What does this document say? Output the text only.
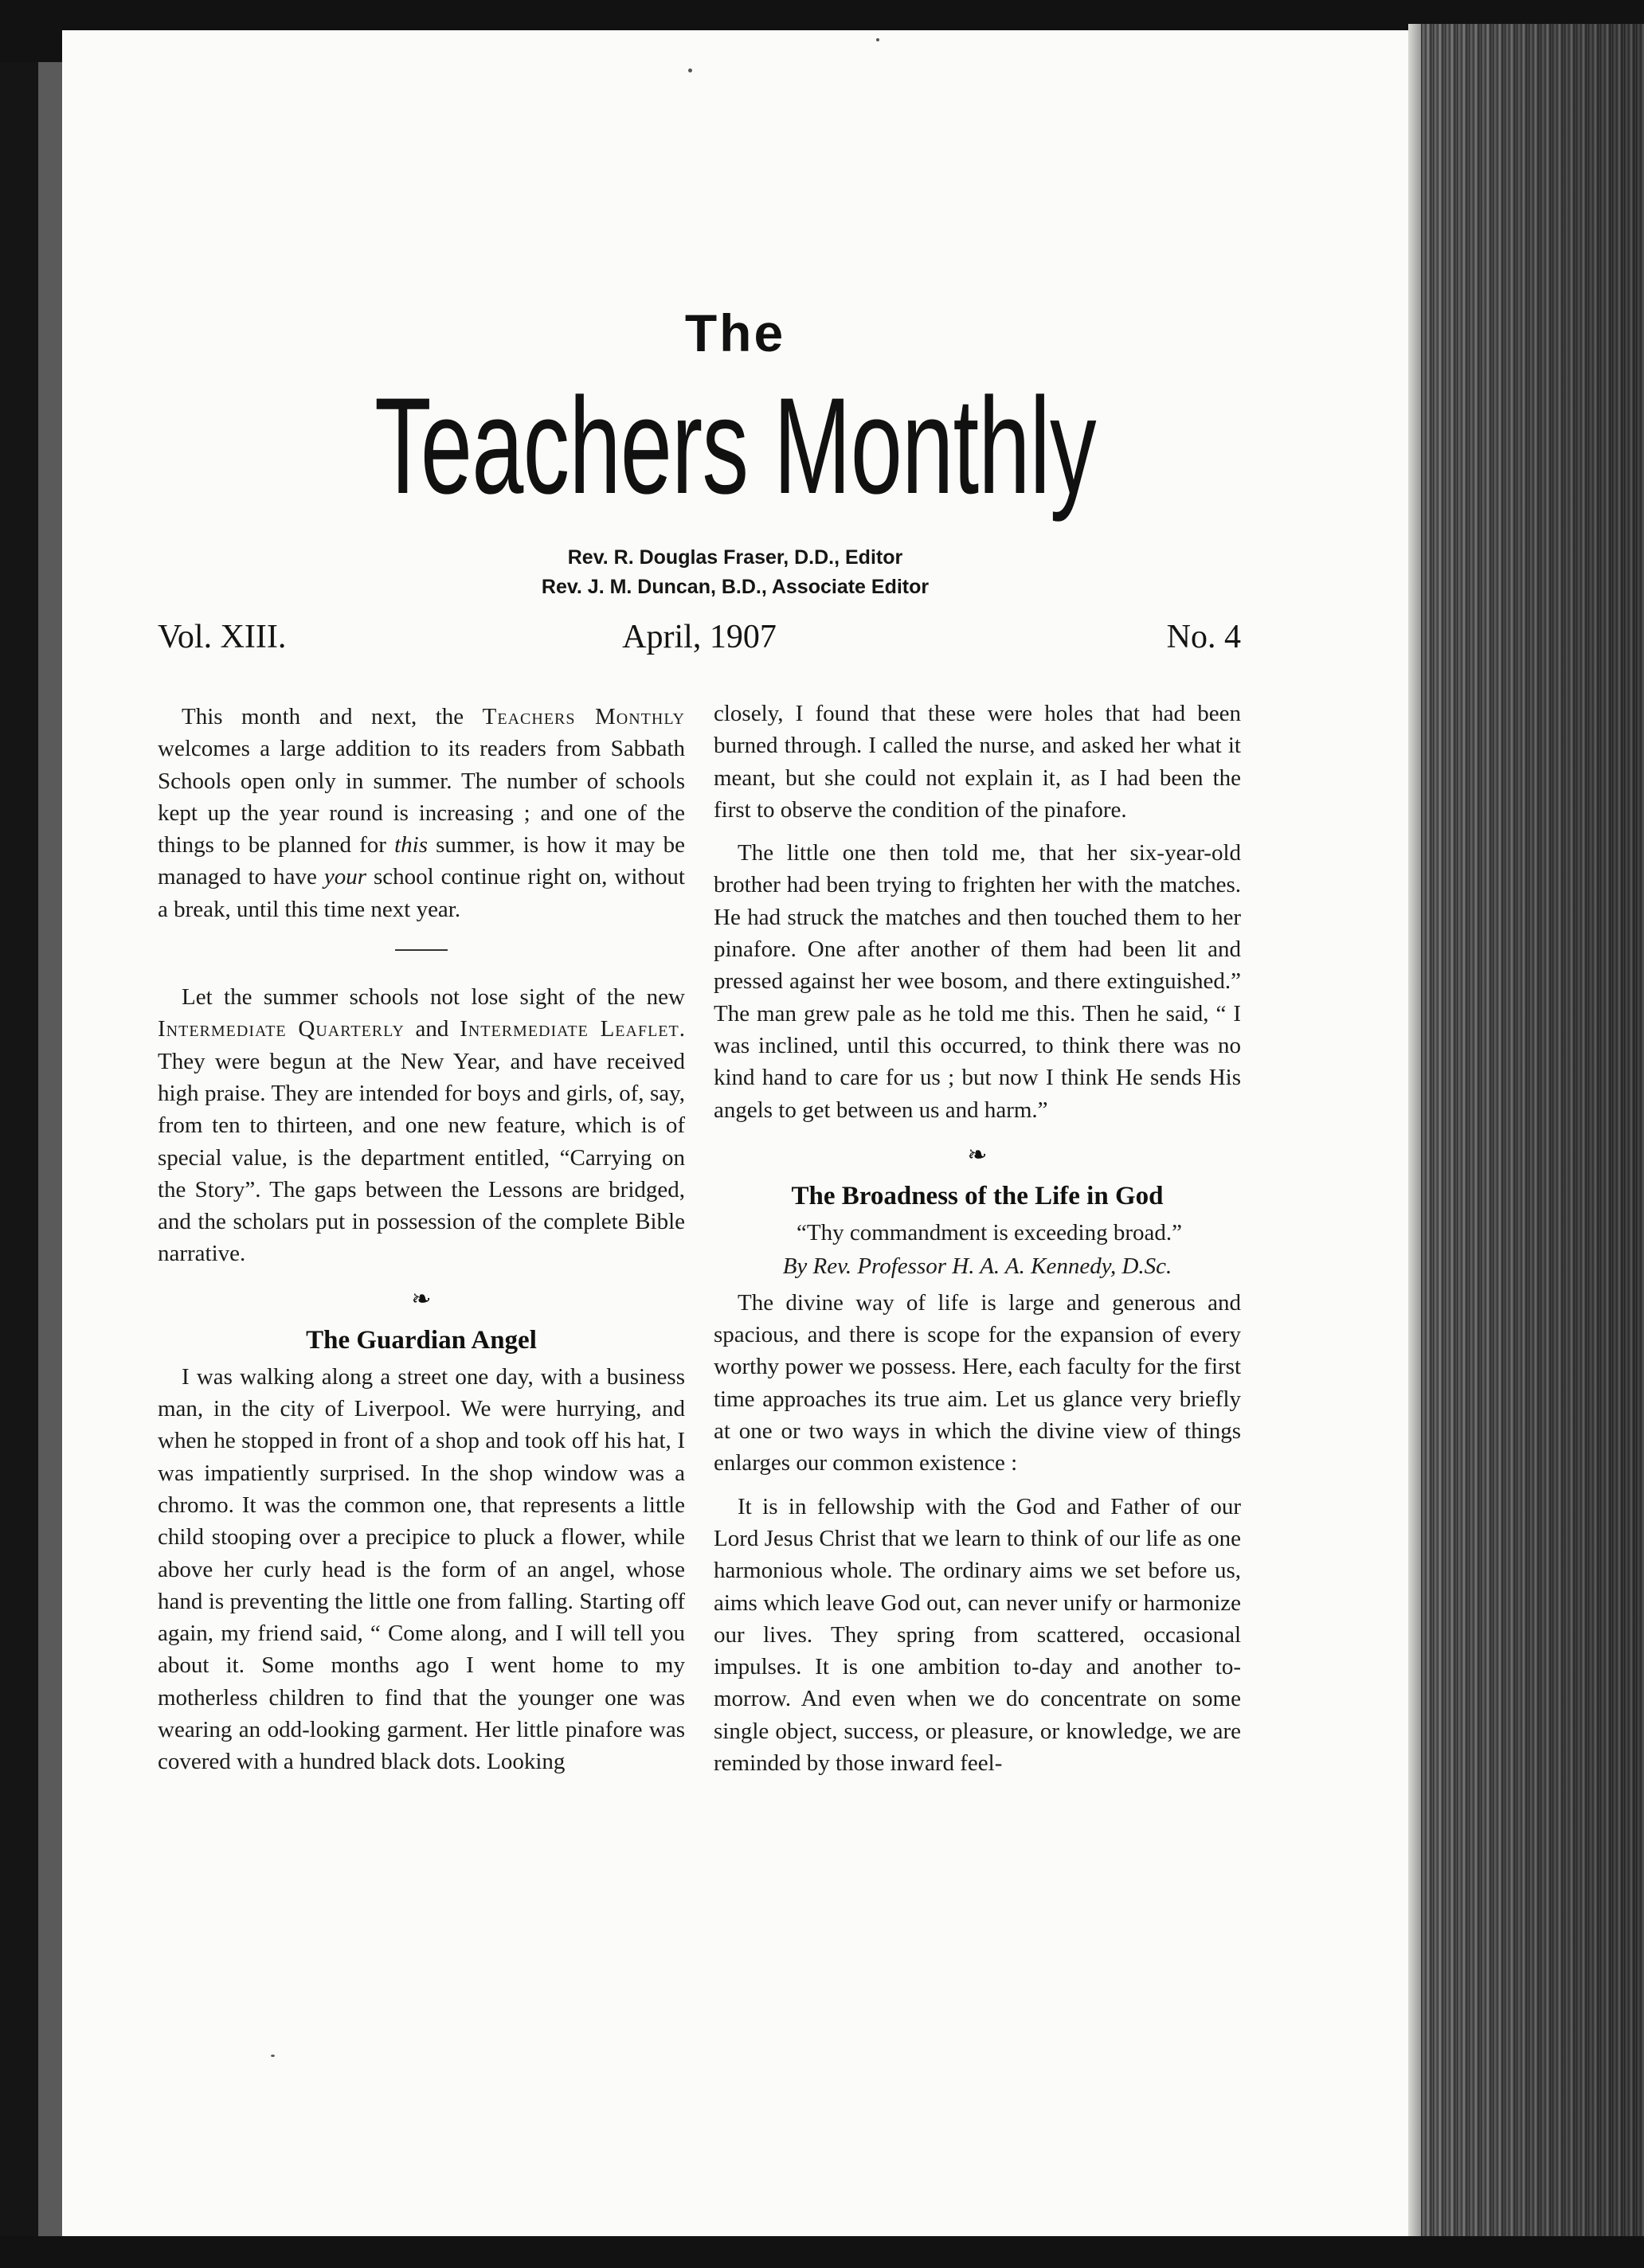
The
Teachers Monthly
Rev. R. Douglas Fraser, D.D., Editor
Rev. J. M. Duncan, B.D., Associate Editor
Vol. XIII.	April, 1907	No. 4

This month and next, the Teachers Monthly welcomes a large addition to its readers from Sabbath Schools open only in summer. The number of schools kept up the year round is increasing ; and one of the things to be planned for this summer, is how it may be managed to have your school continue right on, without a break, until this time next year.

Let the summer schools not lose sight of the new Intermediate Quarterly and Intermediate Leaflet. They were begun at the New Year, and have received high praise. They are intended for boys and girls, of, say, from ten to thirteen, and one new feature, which is of special value, is the department entitled, “Carrying on the Story”. The gaps between the Lessons are bridged, and the scholars put in possession of the complete Bible narrative.

❧
The Guardian Angel

I was walking along a street one day, with a business man, in the city of Liverpool. We were hurrying, and when he stopped in front of a shop and took off his hat, I was impatiently surprised. In the shop window was a chromo. It was the common one, that represents a little child stooping over a precipice to pluck a flower, while above her curly head is the form of an angel, whose hand is preventing the little one from falling. Starting off again, my friend said, “ Come along, and I will tell you about it. Some months ago I went home to my motherless children to find that the younger one was wearing an odd-looking garment. Her little pinafore was covered with a hundred black dots. Looking

closely, I found that these were holes that had been burned through. I called the nurse, and asked her what it meant, but she could not explain it, as I had been the first to observe the condition of the pinafore.

The little one then told me, that her six-year-old brother had been trying to frighten her with the matches. He had struck the matches and then touched them to her pinafore. One after another of them had been lit and pressed against her wee bosom, and there extinguished.” The man grew pale as he told me this. Then he said, “ I was inclined, until this occurred, to think there was no kind hand to care for us ; but now I think He sends His angels to get between us and harm.”

❧
The Broadness of the Life in God

“Thy commandment is exceeding broad.”

By Rev. Professor H. A. A. Kennedy, D.Sc.

The divine way of life is large and generous and spacious, and there is scope for the expansion of every worthy power we possess. Here, each faculty for the first time approaches its true aim. Let us glance very briefly at one or two ways in which the divine view of things enlarges our common existence :

It is in fellowship with the God and Father of our Lord Jesus Christ that we learn to think of our life as one harmonious whole. The ordinary aims we set before us, aims which leave God out, can never unify or harmonize our lives. They spring from scattered, occasional impulses. It is one ambition to-day and another to-morrow. And even when we do concentrate on some single object, success, or pleasure, or knowledge, we are reminded by those inward feel-
